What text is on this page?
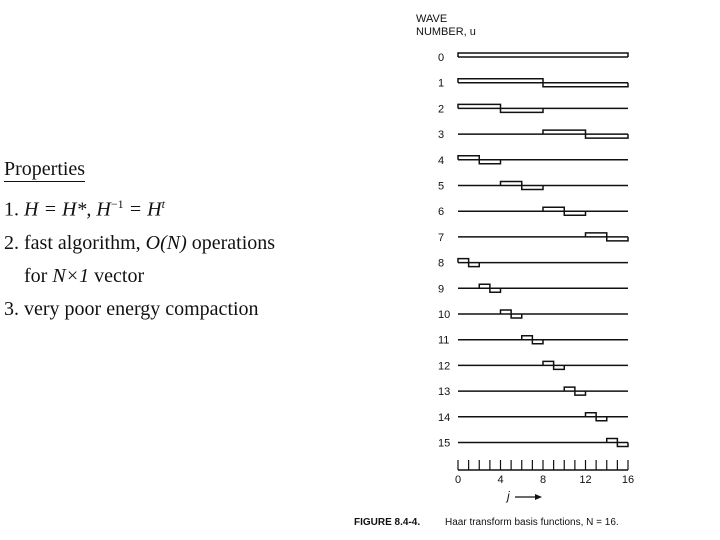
Properties
1. H = H*, $H^{-1} = H^t$
2. fast algorithm, O(N) operations
for N×1 vector
3. very poor energy compaction
WAVE
NUMBER, u
0
1
2
3
4
5
6
7
8
9
10
11
12
13
14
15
0	4	8	12	16
j
FIGURE 8.4-4. Haar transform basis functions, N = 16.
